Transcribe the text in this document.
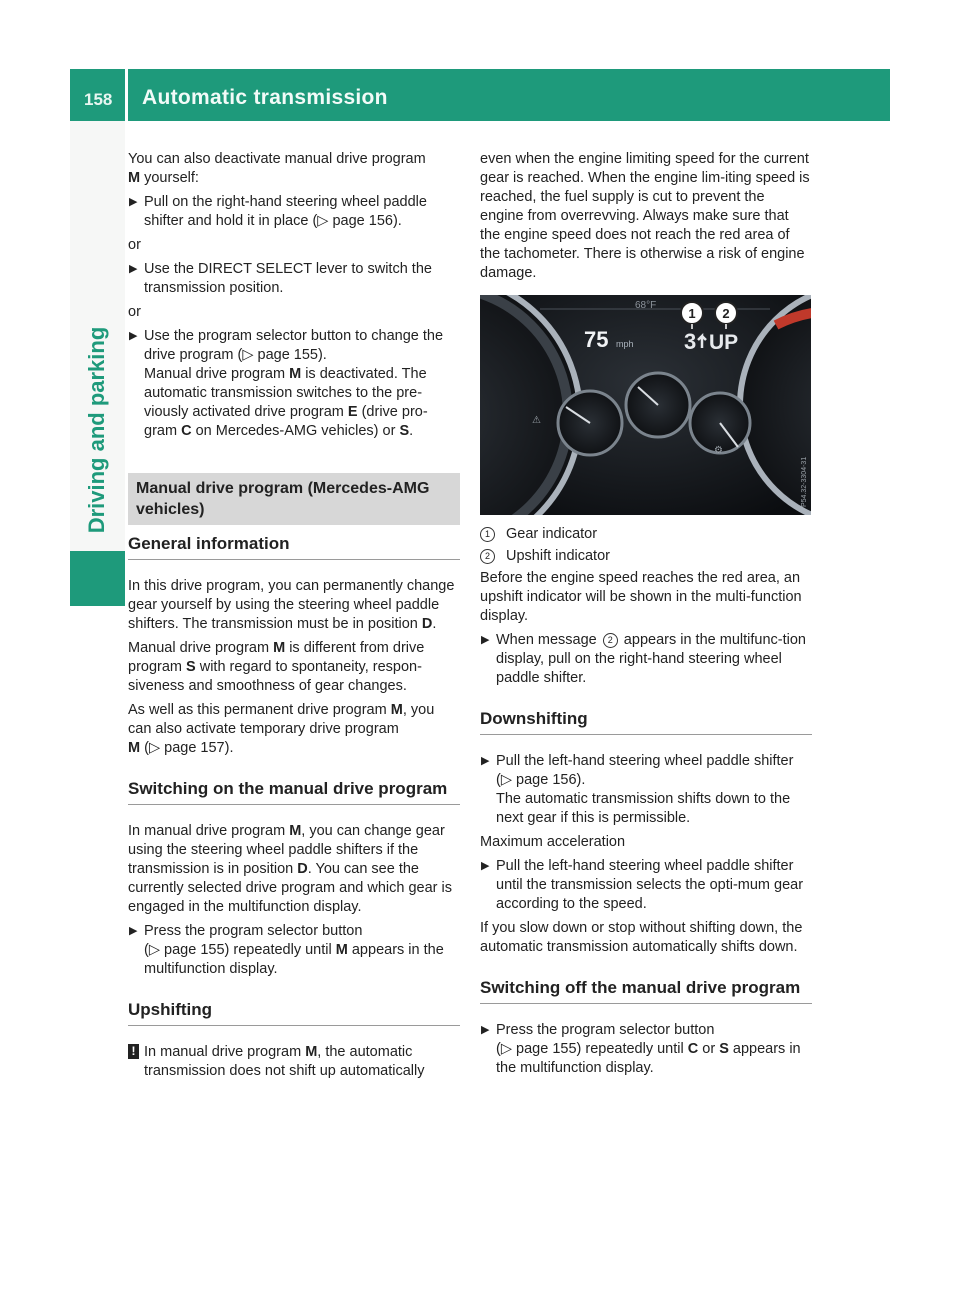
158 Automatic transmission
Driving and parking

You can also deactivate manual drive program
M yourself:

▶ Pull on the right-hand steering wheel paddle shifter and hold it in place (▷ page 156).

or

▶ Use the DIRECT SELECT lever to switch the transmission position.

or

▶ Use the program selector button to change the drive program (▷ page 155).
Manual drive program M is deactivated. The automatic transmission switches to the pre-viously activated drive program E (drive pro-gram C on Mercedes-AMG vehicles) or S.
Manual drive program (Mercedes-AMG vehicles)
General information

In this drive program, you can permanently change gear yourself by using the steering wheel paddle shifters. The transmission must be in position D.

Manual drive program M is different from drive program S with regard to spontaneity, respon-siveness and smoothness of gear changes.

As well as this permanent drive program M, you can also activate temporary drive program
M (▷ page 157).

Switching on the manual drive program

In manual drive program M, you can change gear using the steering wheel paddle shifters if the transmission is in position D. You can see the currently selected drive program and which gear is engaged in the multifunction display.

▶ Press the program selector button
(▷ page 155) repeatedly until M appears in the multifunction display.
Upshifting
! In manual drive program M, the automatic transmission does not shift up automatically

even when the engine limiting speed for the current gear is reached. When the engine lim-iting speed is reached, the fuel supply is cut to prevent the engine from overrevving. Always make sure that the engine speed does not reach the red area of the tachometer. There is otherwise a risk of engine damage.

68°F
75 mph 3 UP
1 2
⚠
⚙
P54.32-3304-31
1	Gear indicator
2	Upshift indicator

Before the engine speed reaches the red area, an upshift indicator will be shown in the multi-function display.

▶ When message 2 appears in the multifunc-tion display, pull on the right-hand steering wheel paddle shifter.
Downshifting
▶ Pull the left-hand steering wheel paddle shifter (▷ page 156).
The automatic transmission shifts down to the next gear if this is permissible.

Maximum acceleration

▶ Pull the left-hand steering wheel paddle shifter until the transmission selects the opti-mum gear according to the speed.

If you slow down or stop without shifting down, the automatic transmission automatically shifts down.

Switching off the manual drive program
▶ Press the program selector button
(▷ page 155) repeatedly until C or S appears in the multifunction display.
